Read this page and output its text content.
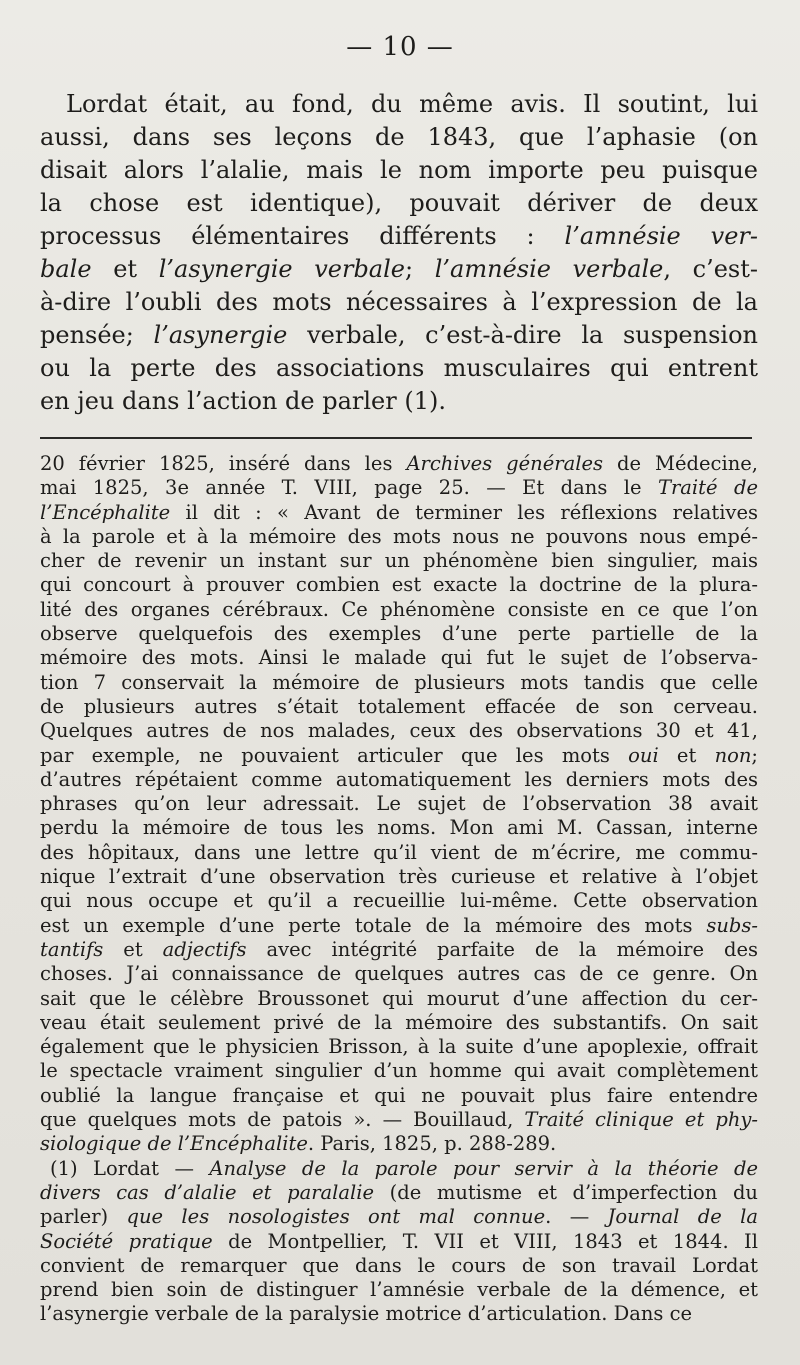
— 10 —
Lordat était, au fond, du même avis. Il soutint, lui
aussi, dans ses leçons de 1843, que l’aphasie (on
disait alors l’alalie, mais le nom importe peu puisque
la chose est identique), pouvait dériver de deux
processus élémentaires différents : l’amnésie ver-
bale et l’asynergie verbale; l’amnésie verbale, c’est-
à-dire l’oubli des mots nécessaires à l’expression de la
pensée; l’asynergie verbale, c’est-à-dire la suspension
ou la perte des associations musculaires qui entrent
en jeu dans l’action de parler (1).
20 février 1825, inséré dans les Archives générales de Médecine,
mai 1825, 3e année T. VIII, page 25. — Et dans le Traité de
l’Encéphalite il dit : « Avant de terminer les réflexions relatives
à la parole et à la mémoire des mots nous ne pouvons nous empé-
cher de revenir un instant sur un phénomène bien singulier, mais
qui concourt à prouver combien est exacte la doctrine de la plura-
lité des organes cérébraux. Ce phénomène consiste en ce que l’on
observe quelquefois des exemples d’une perte partielle de la
mémoire des mots. Ainsi le malade qui fut le sujet de l’observa-
tion 7 conservait la mémoire de plusieurs mots tandis que celle
de plusieurs autres s’était totalement effacée de son cerveau.
Quelques autres de nos malades, ceux des observations 30 et 41,
par exemple, ne pouvaient articuler que les mots oui et non;
d’autres répétaient comme automatiquement les derniers mots des
phrases qu’on leur adressait. Le sujet de l’observation 38 avait
perdu la mémoire de tous les noms. Mon ami M. Cassan, interne
des hôpitaux, dans une lettre qu’il vient de m’écrire, me commu-
nique l’extrait d’une observation très curieuse et relative à l’objet
qui nous occupe et qu’il a recueillie lui-même. Cette observation
est un exemple d’une perte totale de la mémoire des mots subs-
tantifs et adjectifs avec intégrité parfaite de la mémoire des
choses. J’ai connaissance de quelques autres cas de ce genre. On
sait que le célèbre Broussonet qui mourut d’une affection du cer-
veau était seulement privé de la mémoire des substantifs. On sait
également que le physicien Brisson, à la suite d’une apoplexie, offrait
le spectacle vraiment singulier d’un homme qui avait complètement
oublié la langue française et qui ne pouvait plus faire entendre
que quelques mots de patois ». — Bouillaud, Traité clinique et phy-
siologique de l’Encéphalite. Paris, 1825, p. 288-289.
(1) Lordat — Analyse de la parole pour servir à la théorie de
divers cas d’alalie et paralalie (de mutisme et d’imperfection du
parler) que les nosologistes ont mal connue. — Journal de la
Société pratique de Montpellier, T. VII et VIII, 1843 et 1844. Il
convient de remarquer que dans le cours de son travail Lordat
prend bien soin de distinguer l’amnésie verbale de la démence, et
l’asynergie verbale de la paralysie motrice d’articulation. Dans ce
